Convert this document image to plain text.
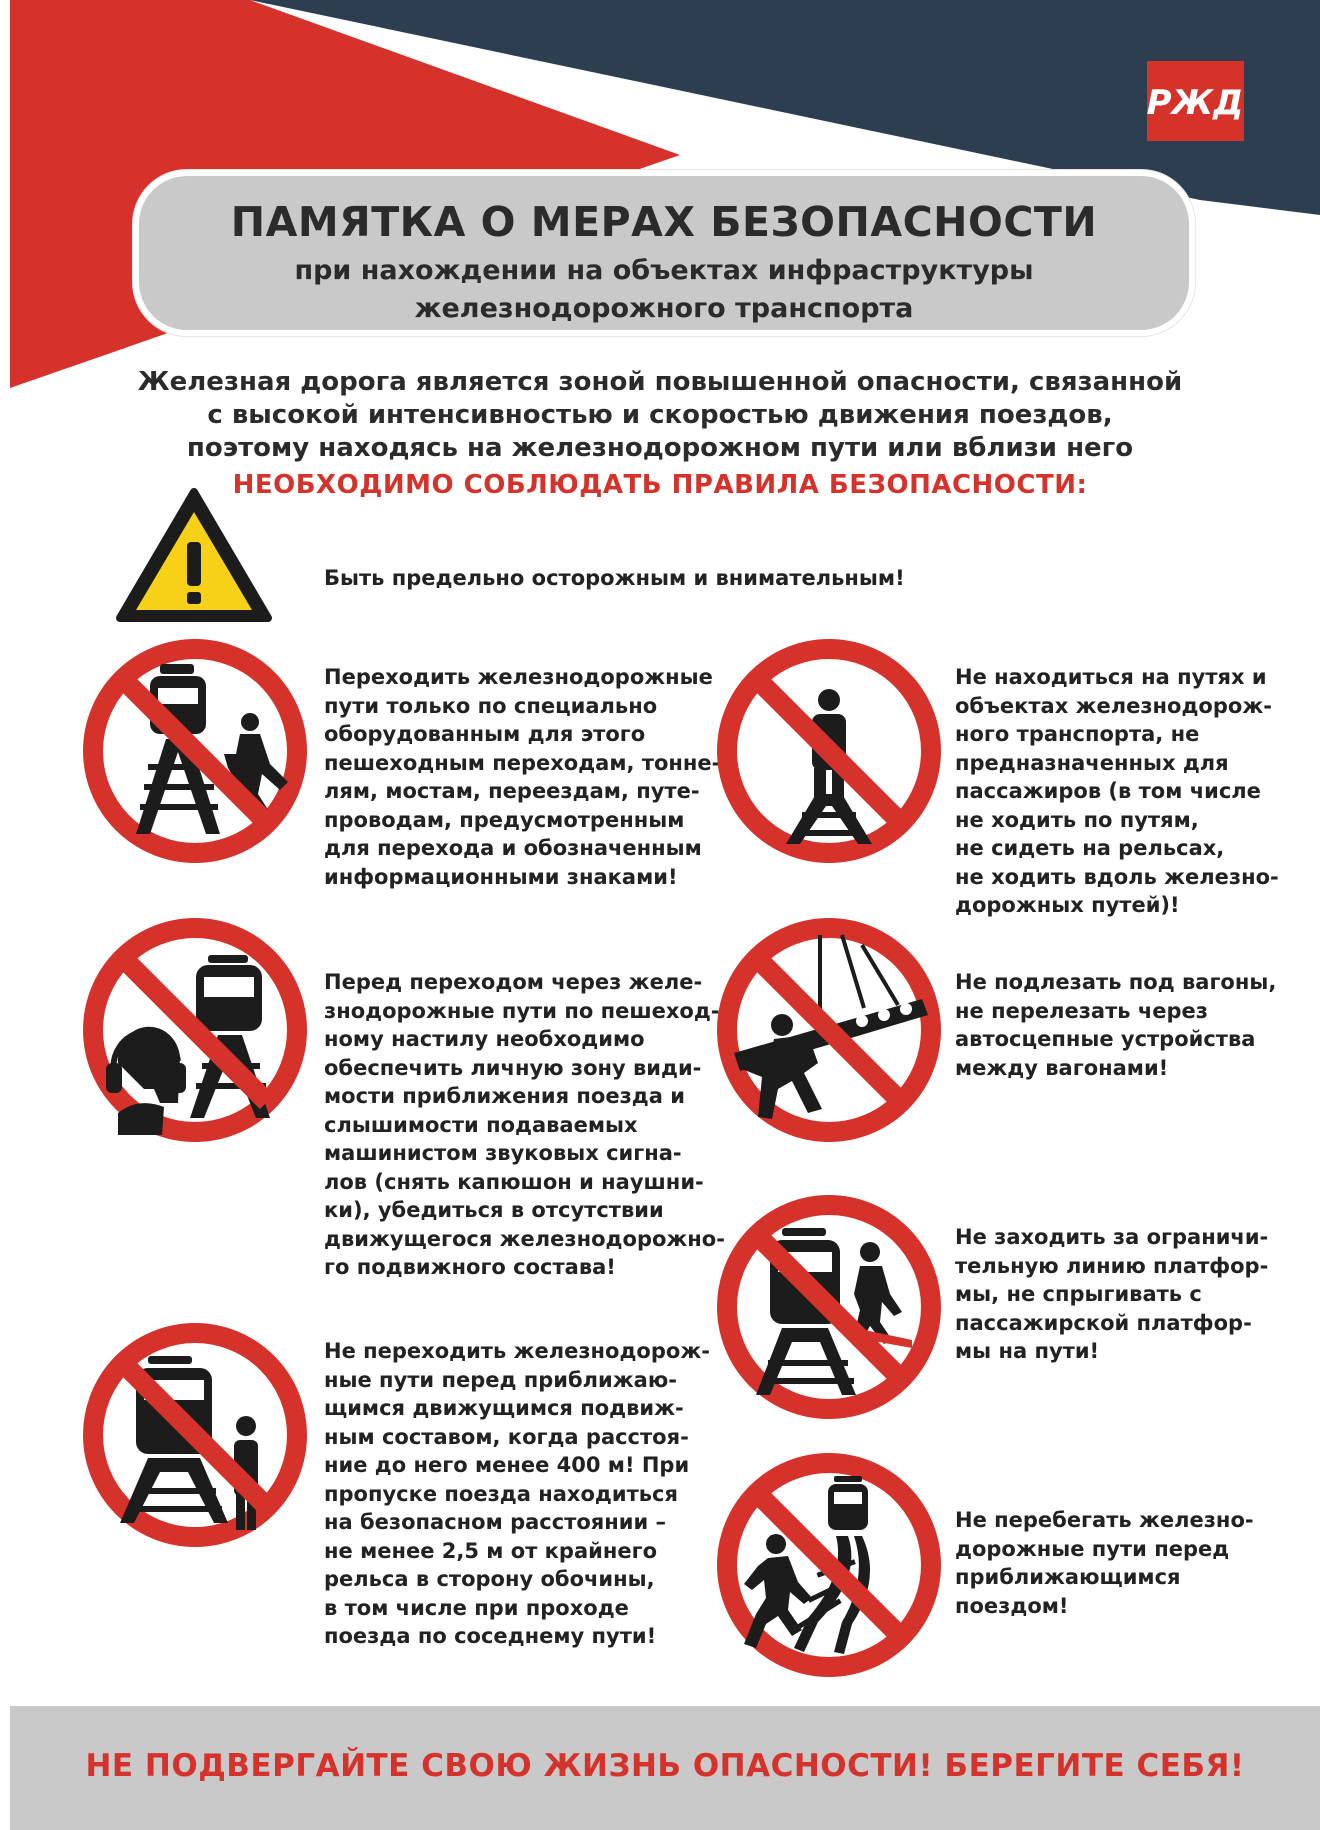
РЖД
ПАМЯТКА О МЕРАХ БЕЗОПАСНОСТИ
при нахождении на объектах инфраструктуры
железнодорожного транспорта
Железная дорога является зоной повышенной опасности, связанной
с высокой интенсивностью и скоростью движения поездов,
поэтому находясь на железнодорожном пути или вблизи него
НЕОБХОДИМО СОБЛЮДАТЬ ПРАВИЛА БЕЗОПАСНОСТИ:
Быть предельно осторожным и внимательным!
Переходить железнодорожные
пути только по специально
оборудованным для этого
пешеходным переходам, тонне-
лям, мостам, переездам, путе-
проводам, предусмотренным
для перехода и обозначенным
информационными знаками!
Перед переходом через желе-
знодорожные пути по пешеход-
ному настилу необходимо
обеспечить личную зону види-
мости приближения поезда и
слышимости подаваемых
машинистом звуковых сигна-
лов (снять капюшон и наушни-
ки), убедиться в отсутствии
движущегося железнодорожно-
го подвижного состава!
Не переходить железнодорож-
ные пути перед приближаю-
щимся движущимся подвиж-
ным составом, когда расстоя-
ние до него менее 400 м! При
пропуске поезда находиться
на безопасном расстоянии –
не менее 2,5 м от крайнего
рельса в сторону обочины,
в том числе при проходе
поезда по соседнему пути!
Не находиться на путях и
объектах железнодорож-
ного транспорта, не
предназначенных для
пассажиров (в том числе
не ходить по путям,
не сидеть на рельсах,
не ходить вдоль железно-
дорожных путей)!
Не подлезать под вагоны,
не перелезать через
автосцепные устройства
между вагонами!
Не заходить за ограничи-
тельную линию платфор-
мы, не спрыгивать с
пассажирской платфор-
мы на пути!
Не перебегать железно-
дорожные пути перед
приближающимся
поездом!
НЕ ПОДВЕРГАЙТЕ СВОЮ ЖИЗНЬ ОПАСНОСТИ! БЕРЕГИТЕ СЕБЯ!
